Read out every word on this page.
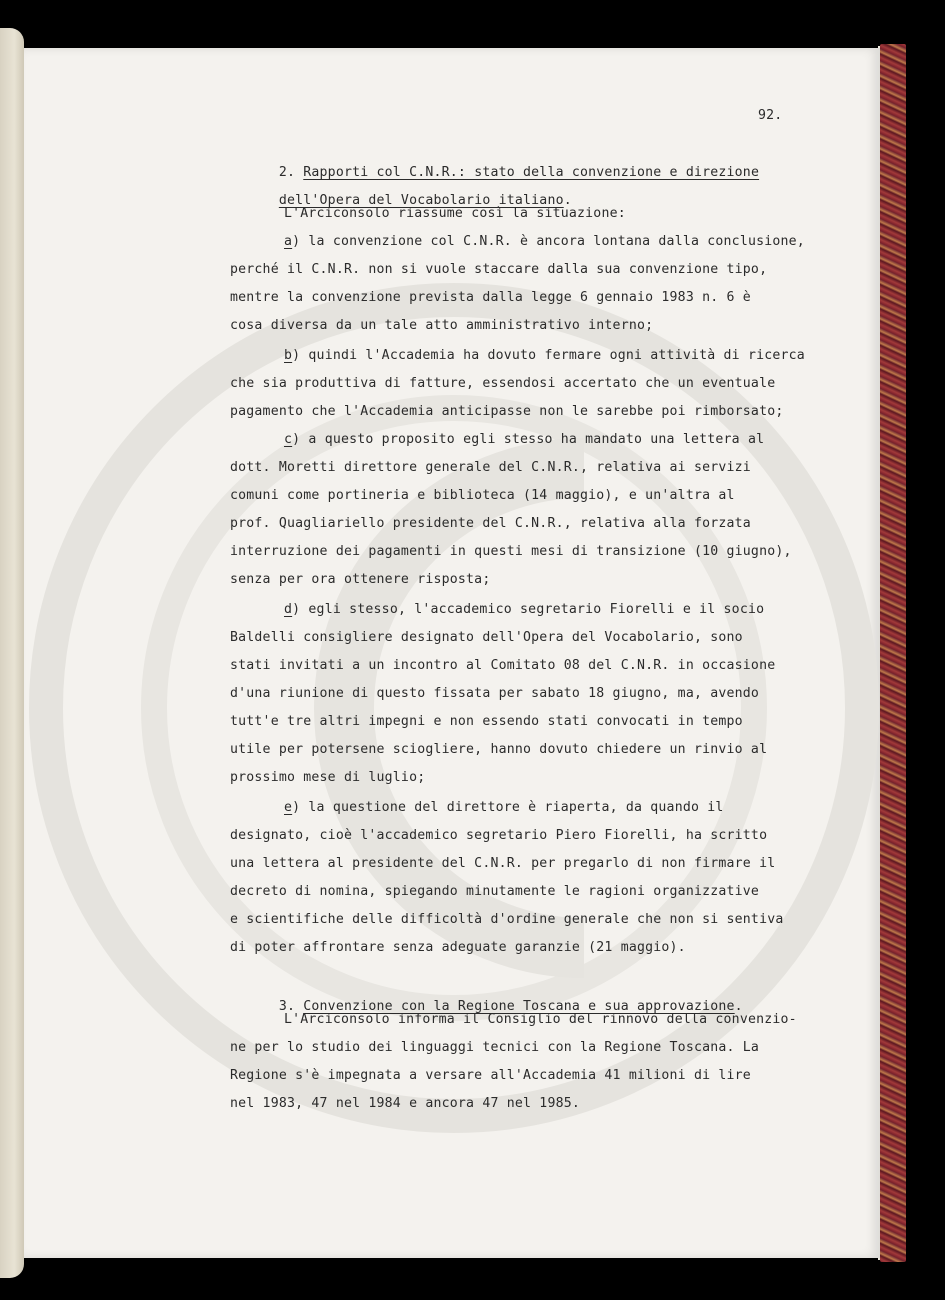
92.

2. Rapporti col C.N.R.: stato della convenzione e direzione

dell'Opera del Vocabolario italiano.

L'Arciconsolo riassume così la situazione:
a) la convenzione col C.N.R. è ancora lontana dalla conclusione,
perché il C.N.R. non si vuole staccare dalla sua convenzione tipo,
mentre la convenzione prevista dalla legge 6 gennaio 1983 n. 6 è
cosa diversa da un tale atto amministrativo interno;
b) quindi l'Accademia ha dovuto fermare ogni attività di ricerca
che sia produttiva di fatture, essendosi accertato che un eventuale
pagamento che l'Accademia anticipasse non le sarebbe poi rimborsato;
c) a questo proposito egli stesso ha mandato una lettera al
dott. Moretti direttore generale del C.N.R., relativa ai servizi
comuni come portineria e biblioteca (14 maggio), e un'altra al
prof. Quagliariello presidente del C.N.R., relativa alla forzata
interruzione dei pagamenti in questi mesi di transizione (10 giugno),
senza per ora ottenere risposta;
d) egli stesso, l'accademico segretario Fiorelli e il socio
Baldelli consigliere designato dell'Opera del Vocabolario, sono
stati invitati a un incontro al Comitato 08 del C.N.R. in occasione
d'una riunione di questo fissata per sabato 18 giugno, ma, avendo
tutt'e tre altri impegni e non essendo stati convocati in tempo
utile per potersene sciogliere, hanno dovuto chiedere un rinvio al
prossimo mese di luglio;
e) la questione del direttore è riaperta, da quando il
designato, cioè l'accademico segretario Piero Fiorelli, ha scritto
una lettera al presidente del C.N.R. per pregarlo di non firmare il
decreto di nomina, spiegando minutamente le ragioni organizzative
e scientifiche delle difficoltà d'ordine generale che non si sentiva
di poter affrontare senza adeguate garanzie (21 maggio).

3. Convenzione con la Regione Toscana e sua approvazione.

L'Arciconsolo informa il Consiglio del rinnovo della convenzio-
ne per lo studio dei linguaggi tecnici con la Regione Toscana. La
Regione s'è impegnata a versare all'Accademia 41 milioni di lire
nel 1983, 47 nel 1984 e ancora 47 nel 1985.
